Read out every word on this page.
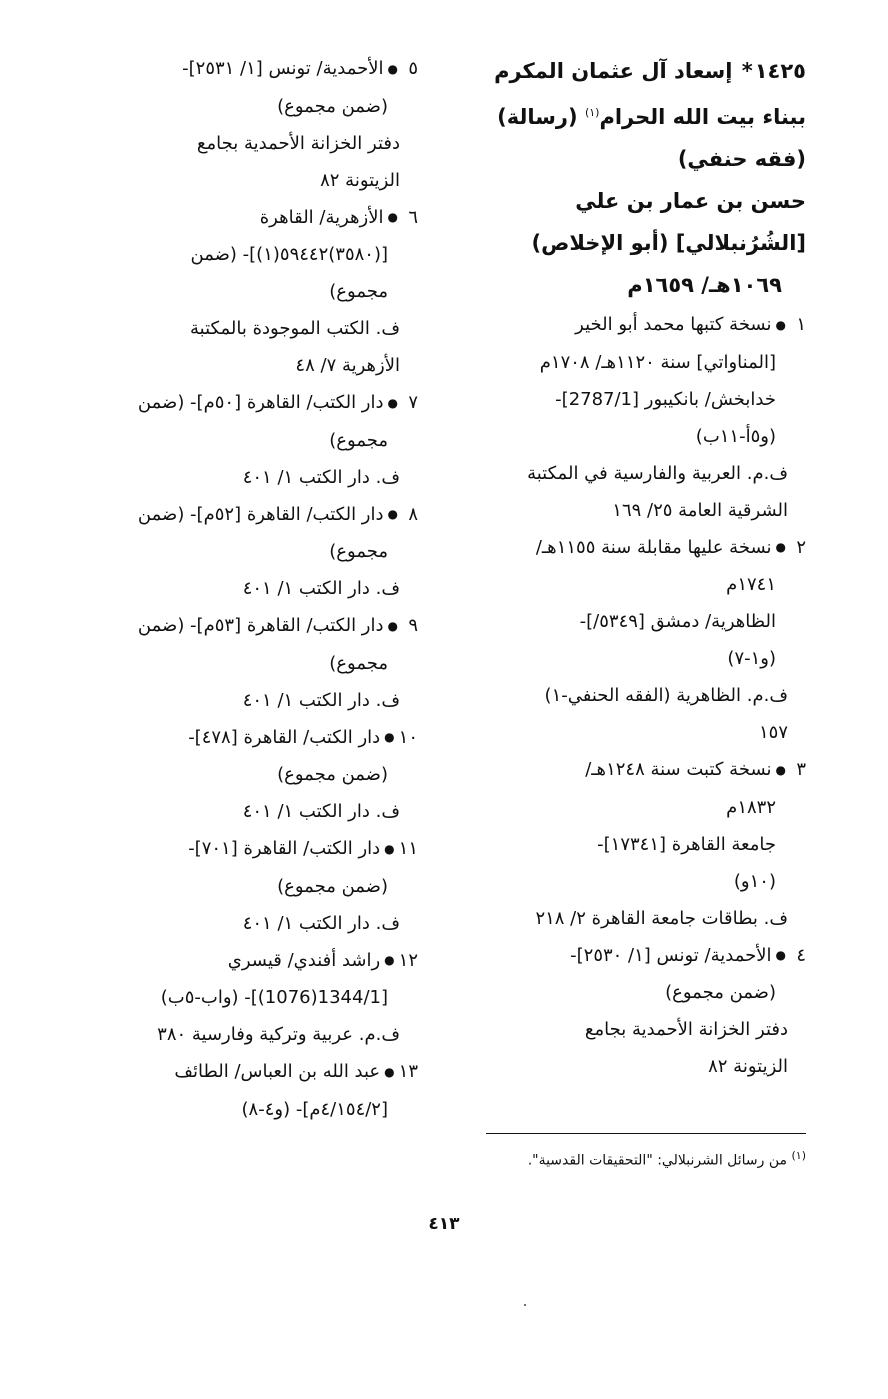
١٤٢٥* إسعاد آل عثمان المكرم

ببناء بيت الله الحرام$^{(١)}$ (رسالة)

(فقه حنفي)

حسن بن عمار بن علي

[الشُرُنبلالي] (أبو الإخلاص)

١٠٦٩هـ/ ١٦٥٩م

١●نسخة كتبها محمد أبو الخير

[المناواتي] سنة ١١٢٠هـ/ ١٧٠٨م

خدابخش/ بانكيبور [2787/1]-

(و٥أ-١١ب)

ف.م. العربية والفارسية في المكتبة

الشرقية العامة ٢٥/ ١٦٩

٢●نسخة عليها مقابلة سنة ١١٥٥هـ/

١٧٤١م

الظاهرية/ دمشق [٥٣٤٩/]-

(و١-٧)

ف.م. الظاهرية (الفقه الحنفي-١)

١٥٧

٣●نسخة كتبت سنة ١٢٤٨هـ/

١٨٣٢م

جامعة القاهرة [١٧٣٤١]-

(١٠و)

ف. بطاقات جامعة القاهرة ٢/ ٢١٨

٤●الأحمدية/ تونس [١/ ٢٥٣٠]-

(ضمن مجموع)

دفتر الخزانة الأحمدية بجامع

الزيتونة ٨٢

٥●الأحمدية/ تونس [١/ ٢٥٣١]-

(ضمن مجموع)

دفتر الخزانة الأحمدية بجامع

الزيتونة ٨٢

٦●الأزهرية/ القاهرة

[(٣٥٨٠)٥٩٤٤٢(١)]- (ضمن

مجموع)

ف. الكتب الموجودة بالمكتبة

الأزهرية ٧/ ٤٨

٧●دار الكتب/ القاهرة [٥٠م]- (ضمن

مجموع)

ف. دار الكتب ١/ ٤٠١

٨●دار الكتب/ القاهرة [٥٢م]- (ضمن

مجموع)

ف. دار الكتب ١/ ٤٠١

٩●دار الكتب/ القاهرة [٥٣م]- (ضمن

مجموع)

ف. دار الكتب ١/ ٤٠١

١٠●دار الكتب/ القاهرة [٤٧٨]-

(ضمن مجموع)

ف. دار الكتب ١/ ٤٠١

١١●دار الكتب/ القاهرة [٧٠١]-

(ضمن مجموع)

ف. دار الكتب ١/ ٤٠١

١٢●راشد أفندي/ قيسري

[1344/1(1076)]- (واب-٥ب)

ف.م. عربية وتركية وفارسية ٣٨٠

١٣●عبد الله بن العباس/ الطائف

[٤/١٥٤/٢م]- (و٤-٨)

$^{(١)}$ من رسائل الشرنبلالي: "التحقيقات القدسية".
٤١٣
